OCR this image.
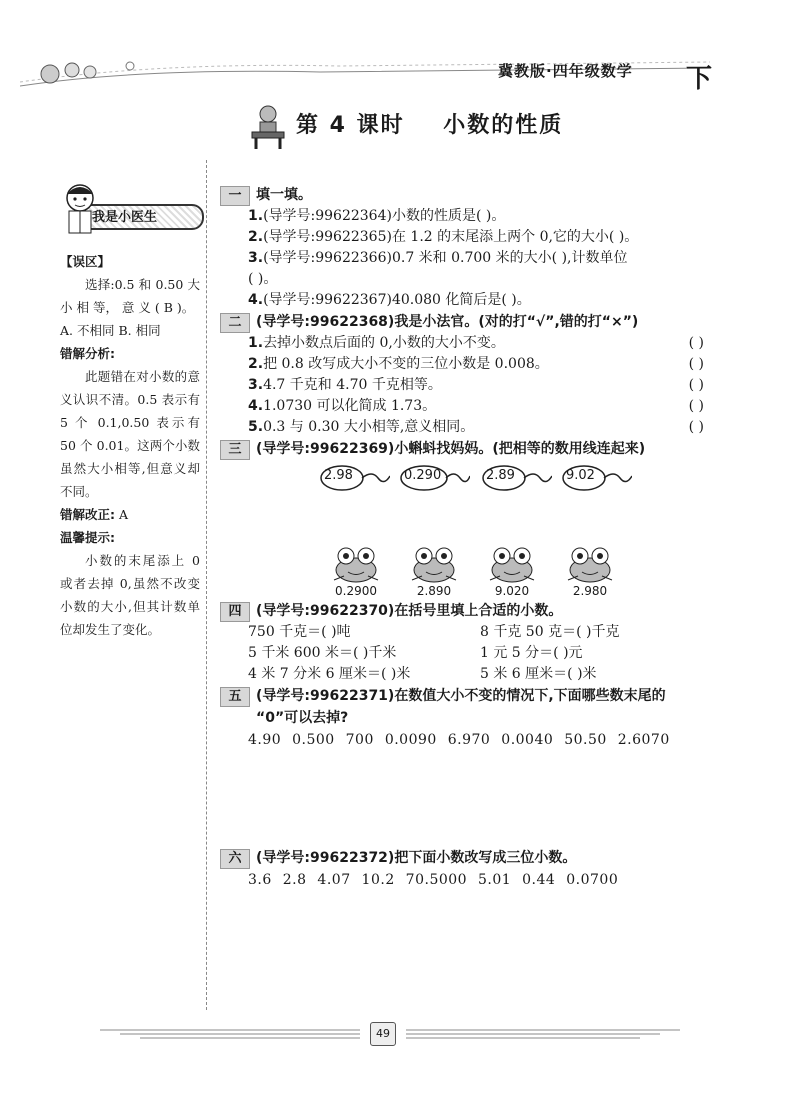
冀教版·四年级数学 下
第 4 课时    小数的性质
我是小医生
【误区】
选择:0.5 和 0.50 大 小 相 等， 意 义 ( B )。
A. 不相同 B. 相同
错解分析:
此题错在对小数的意义认识不清。0.5 表示有 5 个 0.1,0.50 表示有 50 个 0.01。这两个小数虽然大小相等,但意义却不同。
错解改正: A
温馨提示:
小数的末尾添上 0 或者去掉 0,虽然不改变小数的大小,但其计数单位却发生了变化。
一	填一填。
1.(导学号:99622364)小数的性质是( )。
2.(导学号:99622365)在 1.2 的末尾添上两个 0,它的大小( )。
3.(导学号:99622366)0.7 米和 0.700 米的大小( ),计数单位
( )。
4.(导学号:99622367)40.080 化简后是( )。
二	(导学号:99622368)我是小法官。(对的打“√”,错的打“×”)
1.去掉小数点后面的 0,小数的大小不变。	( )
2.把 0.8 改写成大小不变的三位小数是 0.008。	( )
3.4.7 千克和 4.70 千克相等。	( )
4.1.0730 可以化简成 1.73。	( )
5.0.3 与 0.30 大小相等,意义相同。	( )
三	(导学号:99622369)小蝌蚪找妈妈。(把相等的数用线连起来)
2.98	0.290	2.89	9.02
0.2900	2.890	9.020	2.980
四	(导学号:99622370)在括号里填上合适的小数。
750 千克＝( )吨	8 千克 50 克＝( )千克
5 千米 600 米＝( )千米	1 元 5 分＝( )元
4 米 7 分米 6 厘米＝( )米	5 米 6 厘米＝( )米
五	(导学号:99622371)在数值大小不变的情况下,下面哪些数末尾的
“0”可以去掉?
4.90 0.500 700 0.0090 6.970 0.0040 50.50 2.6070
六	(导学号:99622372)把下面小数改写成三位小数。
3.6 2.8 4.07 10.2 70.5000 5.01 0.44 0.0700
49
